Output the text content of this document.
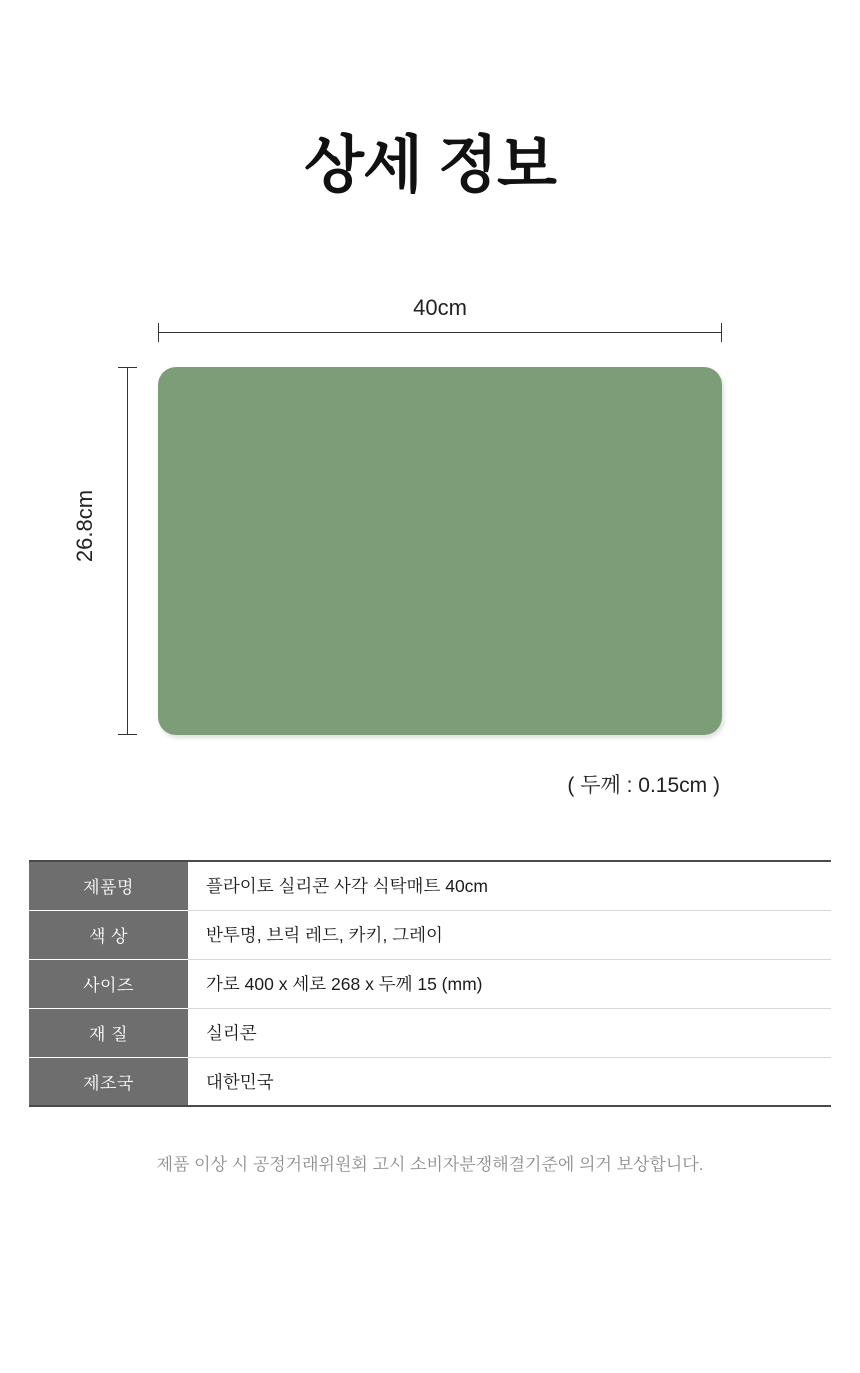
상세 정보
40cm
26.8cm
( 두께 : 0.15cm )
제품명	플라이토 실리콘 사각 식탁매트 40cm
색 상	반투명, 브릭 레드, 카키, 그레이
사이즈	가로 400 x 세로 268 x 두께 15 (mm)
재 질	실리콘
제조국	대한민국
제품 이상 시 공정거래위원회 고시 소비자분쟁해결기준에 의거 보상합니다.
